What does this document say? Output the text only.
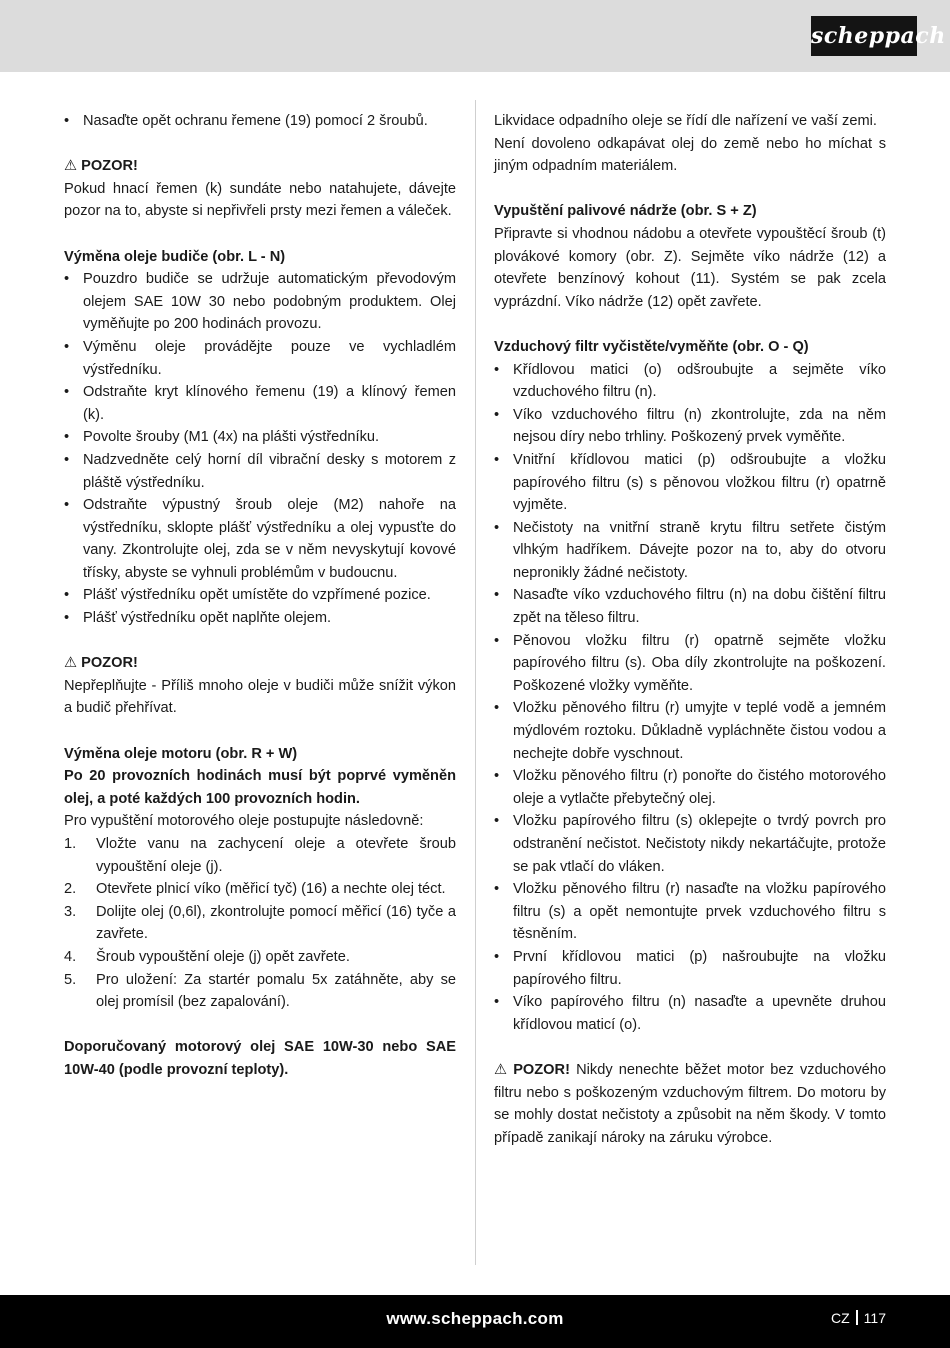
scheppach
• Nasaďte opět ochranu řemene (19) pomocí 2 šroubů.

⚠ POZOR!

Pokud hnací řemen (k) sundáte nebo natahujete, dávejte pozor na to, abyste si nepřivřeli prsty mezi řemen a váleček.

Výměna oleje budiče (obr. L - N)

• Pouzdro budiče se udržuje automatickým převodovým olejem SAE 10W 30 nebo podobným produktem. Olej vyměňujte po 200 hodinách provozu.
• Výměnu oleje provádějte pouze ve vychladlém výstředníku.
• Odstraňte kryt klínového řemenu (19) a klínový řemen (k).
• Povolte šrouby (M1 (4x) na plášti výstředníku.
• Nadzvedněte celý horní díl vibrační desky s motorem z pláště výstředníku.
• Odstraňte výpustný šroub oleje (M2) nahoře na výstředníku, sklopte plášť výstředníku a olej vypusťte do vany. Zkontrolujte olej, zda se v něm nevyskytují kovové třísky, abyste se vyhnuli problémům v budoucnu.
• Plášť výstředníku opět umístěte do vzpřímené pozice.
• Plášť výstředníku opět naplňte olejem.

⚠ POZOR!

Nepřeplňujte - Příliš mnoho oleje v budiči může snížit výkon a budič přehřívat.

Výměna oleje motoru (obr. R + W)

Po 20 provozních hodinách musí být poprvé vyměněn olej, a poté každých 100 provozních hodin.

Pro vypuštění motorového oleje postupujte následovně:

1. Vložte vanu na zachycení oleje a otevřete šroub vypouštění oleje (j).
2. Otevřete plnicí víko (měřicí tyč) (16) a nechte olej téct.
3. Dolijte olej (0,6l), zkontrolujte pomocí měřicí (16) tyče a zavřete.
4. Šroub vypouštění oleje (j) opět zavřete.
5. Pro uložení: Za startér pomalu 5x zatáhněte, aby se olej promísil (bez zapalování).

Doporučovaný motorový olej SAE 10W-30 nebo SAE 10W-40 (podle provozní teploty).

Likvidace odpadního oleje se řídí dle nařízení ve vaší zemi.

Není dovoleno odkapávat olej do země nebo ho míchat s jiným odpadním materiálem.

Vypuštění palivové nádrže (obr. S + Z)

Připravte si vhodnou nádobu a otevřete vypouštěcí šroub (t) plovákové komory (obr. Z). Sejměte víko nádrže (12) a otevřete benzínový kohout (11). Systém se pak zcela vyprázdní. Víko nádrže (12) opět zavřete.

Vzduchový filtr vyčistěte/vyměňte (obr. O - Q)

• Křídlovou matici (o) odšroubujte a sejměte víko vzduchového filtru (n).
• Víko vzduchového filtru (n) zkontrolujte, zda na něm nejsou díry nebo trhliny. Poškozený prvek vyměňte.
• Vnitřní křídlovou matici (p) odšroubujte a vložku papírového filtru (s) s pěnovou vložkou filtru (r) opatrně vyjměte.
• Nečistoty na vnitřní straně krytu filtru setřete čistým vlhkým hadříkem. Dávejte pozor na to, aby do otvoru nepronikly žádné nečistoty.
• Nasaďte víko vzduchového filtru (n) na dobu čištění filtru zpět na těleso filtru.
• Pěnovou vložku filtru (r) opatrně sejměte vložku papírového filtru (s). Oba díly zkontrolujte na poškození. Poškozené vložky vyměňte.
• Vložku pěnového filtru (r) umyjte v teplé vodě a jemném mýdlovém roztoku. Důkladně vypláchněte čistou vodou a nechejte dobře vyschnout.
• Vložku pěnového filtru (r) ponořte do čistého motorového oleje a vytlačte přebytečný olej.
• Vložku papírového filtru (s) oklepejte o tvrdý povrch pro odstranění nečistot. Nečistoty nikdy nekartáčujte, protože se pak vtlačí do vláken.
• Vložku pěnového filtru (r) nasaďte na vložku papírového filtru (s) a opět nemontujte prvek vzduchového filtru s těsněním.
• První křídlovou matici (p) našroubujte na vložku papírového filtru.
• Víko papírového filtru (n) nasaďte a upevněte druhou křídlovou maticí (o).

⚠ POZOR! Nikdy nenechte běžet motor bez vzduchového filtru nebo s poškozeným vzduchovým filtrem. Do motoru by se mohly dostat nečistoty a způsobit na něm škody. V tomto případě zanikají nároky na záruku výrobce.

www.scheppach.com	CZ 117
